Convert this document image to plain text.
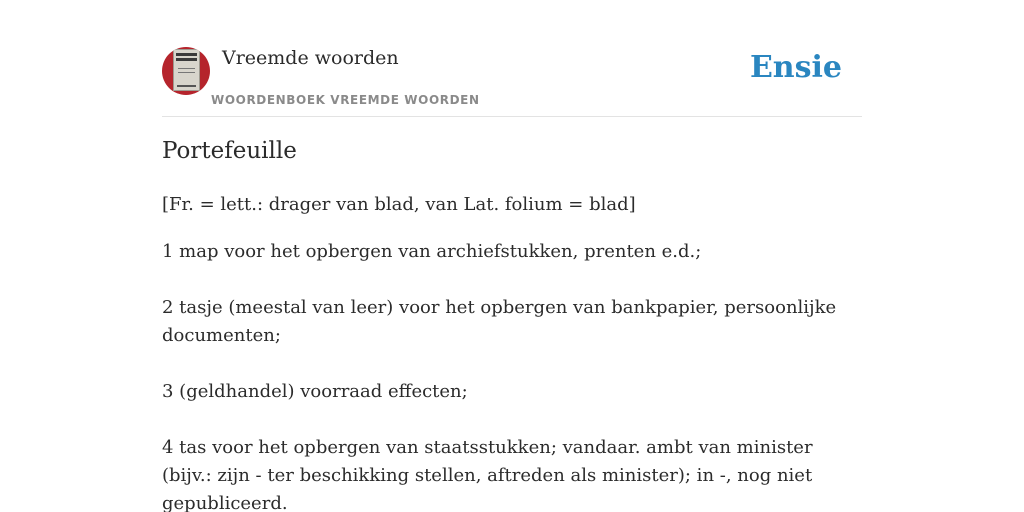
Vreemde woorden
WOORDENBOEK VREEMDE WOORDEN
Ensie
Portefeuille
[Fr. = lett.: drager van blad, van Lat. folium = blad]

1 map voor het opbergen van archiefstukken, prenten e.d.;

2 tasje (meestal van leer) voor het opbergen van bankpapier, persoonlijke documenten;

3 (geldhandel) voorraad effecten;

4 tas voor het opbergen van staatsstukken; vandaar. ambt van minister (bijv.: zijn - ter beschikking stellen, aftreden als minister); in -, nog niet gepubliceerd.
